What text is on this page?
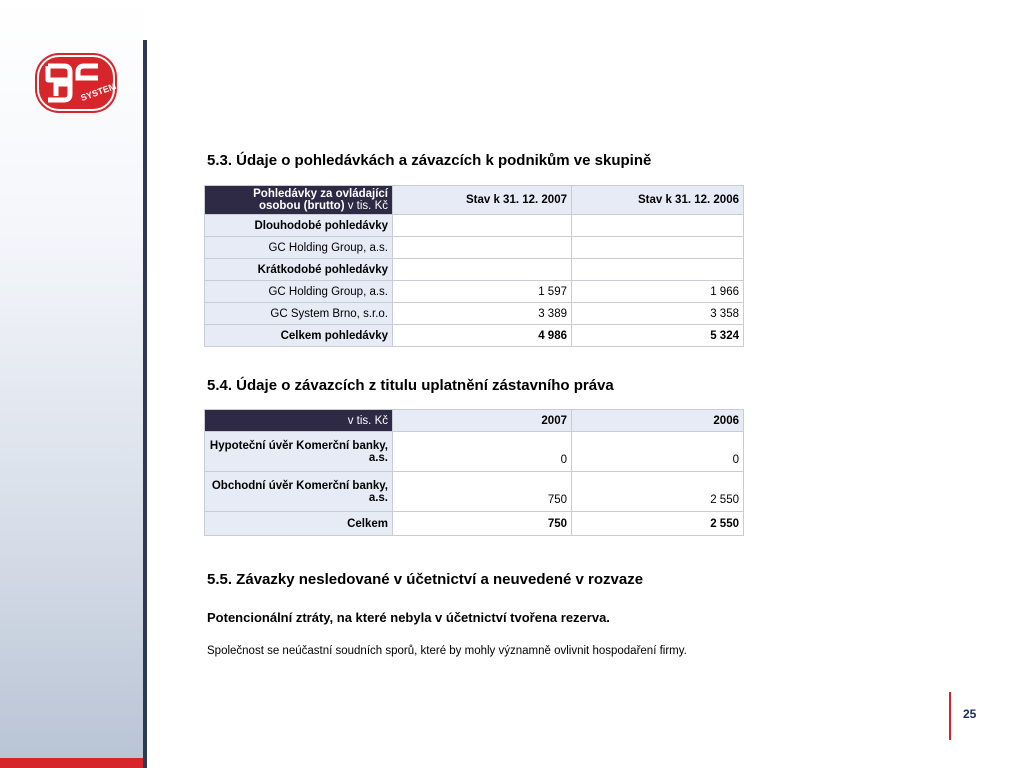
SYSTEM
5.3. Údaje o pohledávkách a závazcích k podnikům ve skupině
Pohledávky za ovládající osobou (brutto) v tis. Kč	Stav k 31. 12. 2007	Stav k 31. 12. 2006
Dlouhodobé pohledávky		
GC Holding Group, a.s.		
Krátkodobé pohledávky		
GC Holding Group, a.s.	1 597	1 966
GC System Brno, s.r.o.	3 389	3 358
Celkem pohledávky	4 986	5 324
5.4. Údaje o závazcích z titulu uplatnění zástavního práva
v tis. Kč	2007	2006
Hypoteční úvěr Komerční banky, a.s.	0	0
Obchodní úvěr Komerční banky, a.s.	750	2 550
Celkem	750	2 550
5.5. Závazky nesledované v účetnictví a neuvedené v rozvaze

Potencionální ztráty, na které nebyla v účetnictví tvořena rezerva.

Společnost se neúčastní soudních sporů, které by mohly významně ovlivnit hospodaření firmy.

25
